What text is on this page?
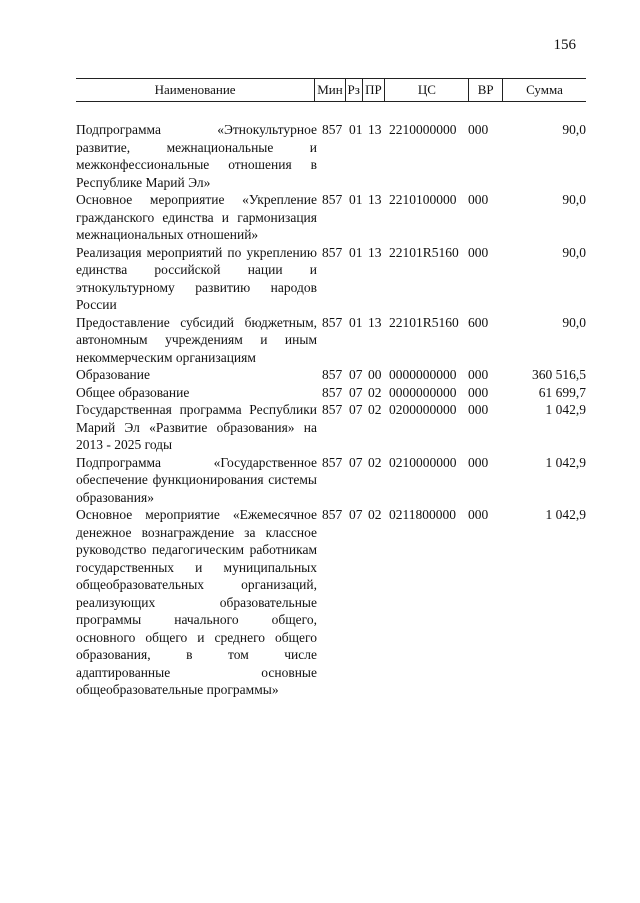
156
Наименование	Мин Рз ПР	ЦС	ВР	Сумма
Подпрограмма «Этнокультурное развитие, межнациональные и межконфессиональные отношения в Республике Марий Эл»
857 01 13 2210000000 000	90,0
Основное мероприятие «Укрепление гражданского единства и гармонизация межнациональных отношений»
857 01 13 2210100000 000	90,0
Реализация мероприятий по укреплению единства российской нации и этнокультурному развитию народов России
857 01 13 22101R5160 000	90,0
Предоставление субсидий бюджетным, автономным учреждениям и иным некоммерческим организациям
857 01 13 22101R5160 600	90,0
Образование	857 07 00 0000000000 000	360 516,5
Общее образование	857 07 02 0000000000 000	61 699,7
Государственная программа Республики Марий Эл «Развитие образования» на 2013 - 2025 годы
857 07 02 0200000000 000	1 042,9
Подпрограмма «Государственное обеспечение функционирования системы образования»
857 07 02 0210000000 000	1 042,9
Основное мероприятие «Ежемесячное денежное вознаграждение за классное руководство педагогическим работникам государственных и муниципальных общеобразовательных организаций, реализующих образовательные программы начального общего, основного общего и среднего общего образования, в том числе адаптированные основные общеобразовательные программы»
857 07 02 0211800000 000	1 042,9
